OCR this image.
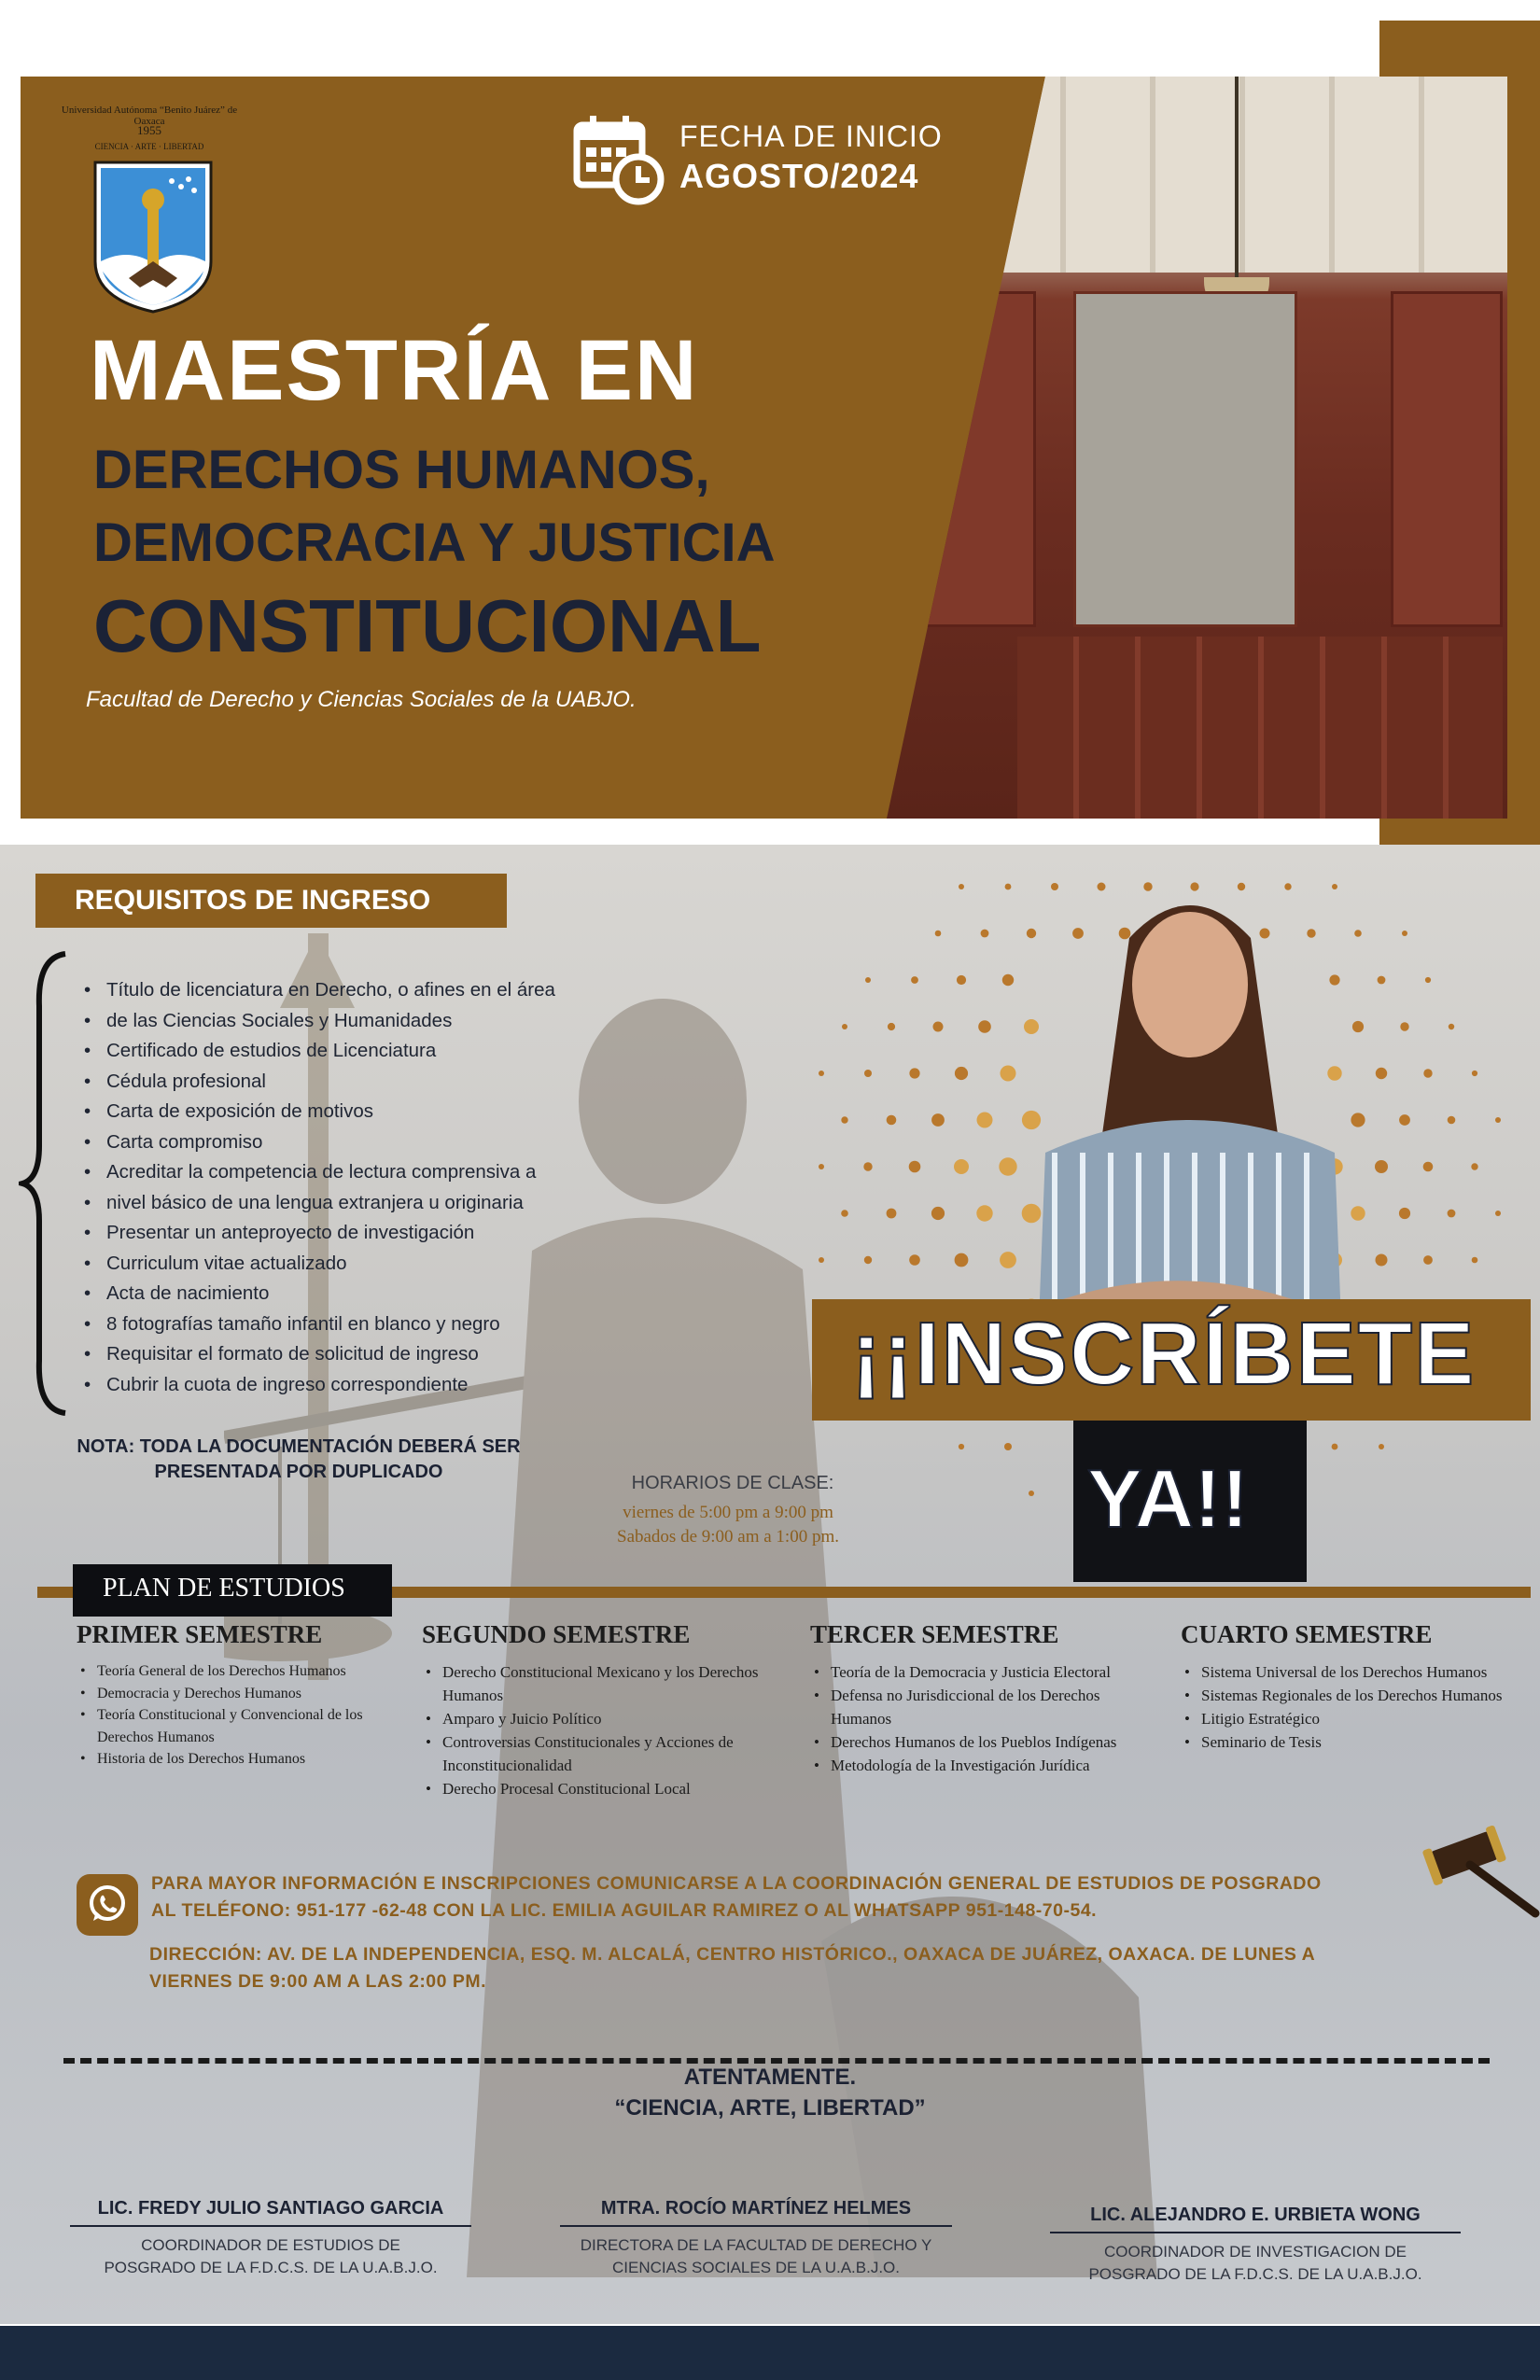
Universidad Autónoma “Benito Juárez” de Oaxaca
1955
CIENCIA · ARTE · LIBERTAD	FECHA DE INICIO
AGOSTO/2024
MAESTRÍA EN
DERECHOS HUMANOS,
DEMOCRACIA Y JUSTICIA
CONSTITUCIONAL
Facultad de Derecho y Ciencias Sociales de la UABJO.
REQUISITOS DE INGRESO
• Título de licenciatura en Derecho, o afines en el área
• de las Ciencias Sociales y Humanidades
• Certificado de estudios de Licenciatura
• Cédula profesional
• Carta de exposición de motivos
• Carta compromiso
• Acreditar la competencia de lectura comprensiva a
• nivel básico de una lengua extranjera u originaria
• Presentar un anteproyecto de investigación
• Curriculum vitae actualizado
• Acta de nacimiento
• 8 fotografías tamaño infantil en blanco y negro
• Requisitar el formato de solicitud de ingreso
• Cubrir la cuota de ingreso correspondiente
NOTA: TODA LA DOCUMENTACIÓN DEBERÁ SER
PRESENTADA POR DUPLICADO
HORARIOS DE CLASE:
viernes de 5:00 pm a 9:00 pm
Sabados de 9:00 am a 1:00 pm.
¡¡INSCRÍBETE
YA!!
PLAN DE ESTUDIOS
PRIMER SEMESTRE
• Teoría General de los Derechos Humanos
• Democracia y Derechos Humanos
• Teoría Constitucional y Convencional de los Derechos Humanos
• Historia de los Derechos Humanos
SEGUNDO SEMESTRE
• Derecho Constitucional Mexicano y los Derechos Humanos
• Amparo y Juicio Político
• Controversias Constitucionales y Acciones de Inconstitucionalidad
• Derecho Procesal Constitucional Local
TERCER SEMESTRE
• Teoría de la Democracia y Justicia Electoral
• Defensa no Jurisdiccional de los Derechos Humanos
• Derechos Humanos de los Pueblos Indígenas
• Metodología de la Investigación Jurídica
CUARTO SEMESTRE
• Sistema Universal de los Derechos Humanos
• Sistemas Regionales de los Derechos Humanos
• Litigio Estratégico
• Seminario de Tesis
PARA MAYOR INFORMACIÓN E INSCRIPCIONES COMUNICARSE A LA COORDINACIÓN GENERAL DE ESTUDIOS DE POSGRADO
AL TELÉFONO: 951-177 -62-48 CON LA LIC. EMILIA AGUILAR RAMIREZ O AL WHATSAPP 951-148-70-54.
DIRECCIÓN: AV. DE LA INDEPENDENCIA, ESQ. M. ALCALÁ, CENTRO HISTÓRICO., OAXACA DE JUÁREZ, OAXACA. DE LUNES A
VIERNES DE 9:00 AM A LAS 2:00 PM.
ATENTAMENTE.
“CIENCIA, ARTE, LIBERTAD”
LIC. FREDY JULIO SANTIAGO GARCIA
COORDINADOR DE ESTUDIOS DE
POSGRADO DE LA F.D.C.S. DE LA U.A.B.J.O.
MTRA. ROCÍO MARTÍNEZ HELMES
DIRECTORA DE LA FACULTAD DE DERECHO Y
CIENCIAS SOCIALES DE LA U.A.B.J.O.
LIC. ALEJANDRO E. URBIETA WONG
COORDINADOR DE INVESTIGACION DE
POSGRADO DE LA F.D.C.S. DE LA U.A.B.J.O.
